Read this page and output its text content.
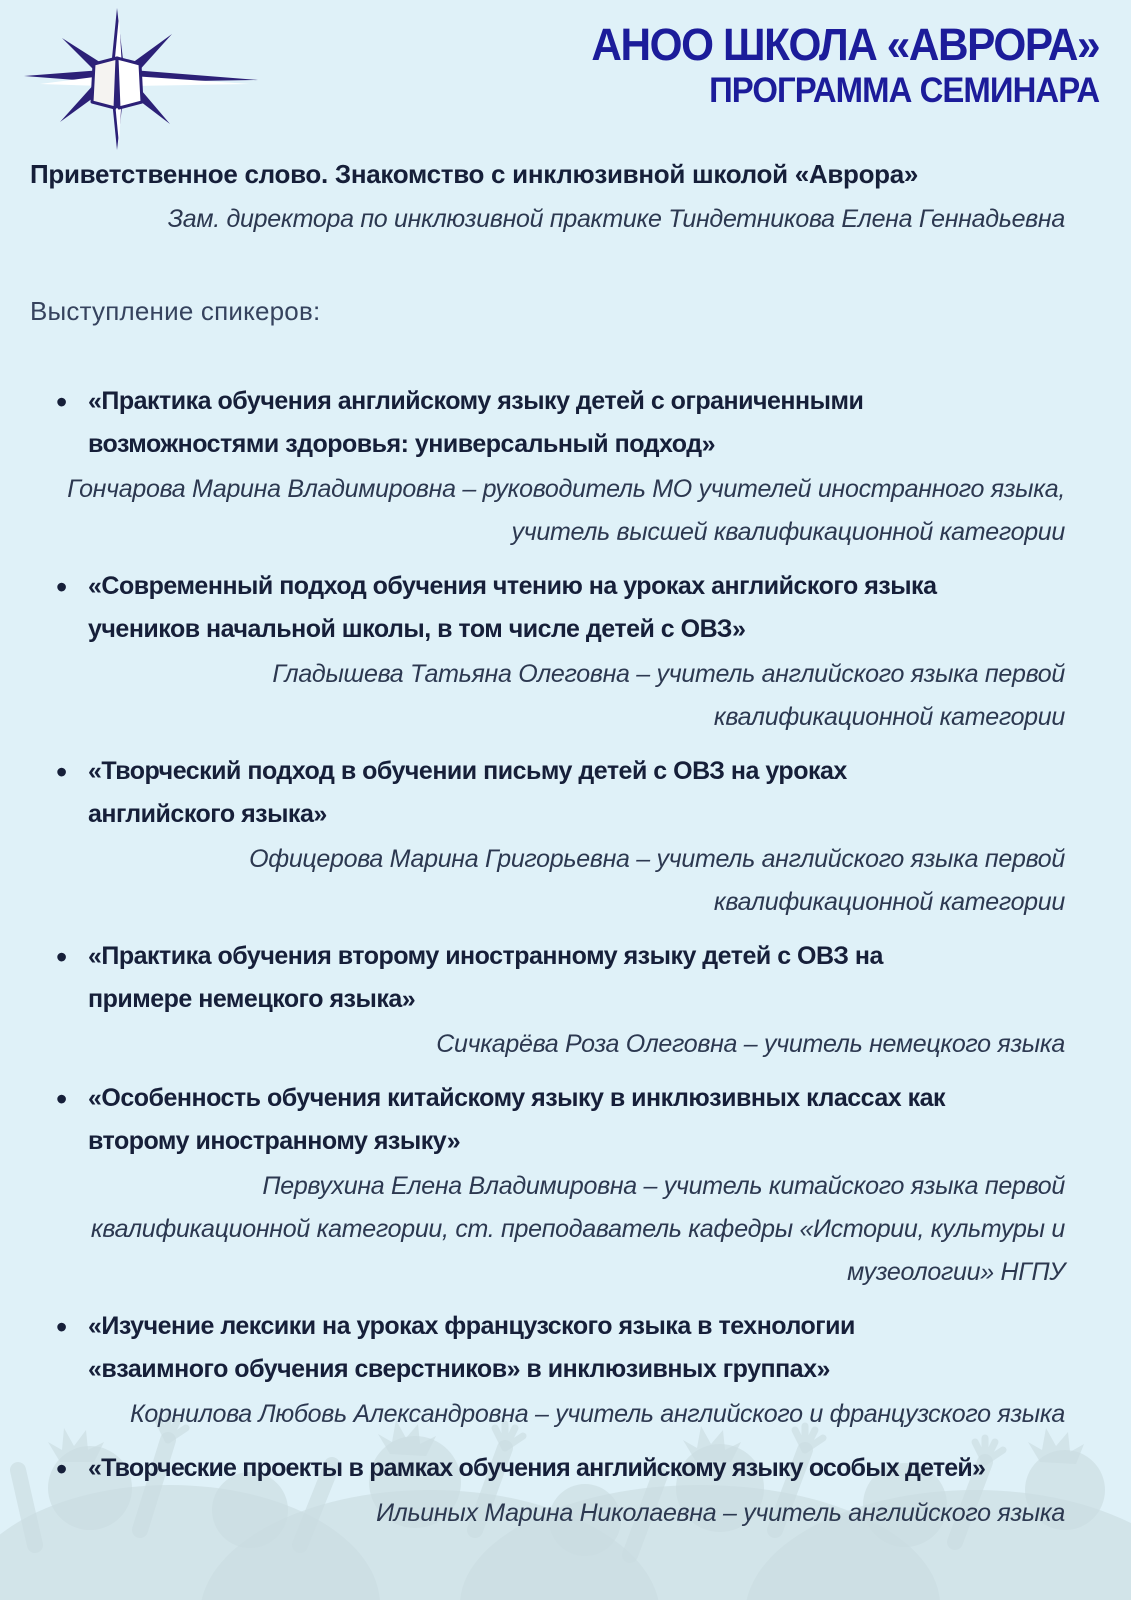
АНОО ШКОЛА «АВРОРА»
ПРОГРАММА СЕМИНАРА
Приветственное слово. Знакомство с инклюзивной школой «Аврора»

Зам. директора по инклюзивной практике Тиндетникова Елена Геннадьевна

Выступление спикеров:

• «Практика обучения английскому языку детей с ограниченными возможностями здоровья: универсальный подход»

Гончарова Марина Владимировна – руководитель МО учителей иностранного языка, учитель высшей квалификационной категории

• «Современный подход обучения чтению на уроках английского языка учеников начальной школы, в том числе детей с ОВЗ»

Гладышева Татьяна Олеговна – учитель английского языка первой квалификационной категории

• «Творческий подход в обучении письму детей с ОВЗ на уроках английского языка»

Офицерова Марина Григорьевна – учитель английского языка первой квалификационной категории

• «Практика обучения второму иностранному языку детей с ОВЗ на примере немецкого языка»

Сичкарёва Роза Олеговна – учитель немецкого языка

• «Особенность обучения китайскому языку в инклюзивных классах как второму иностранному языку»

Первухина Елена Владимировна – учитель китайского языка первой квалификационной категории, ст. преподаватель кафедры «Истории, культуры и музеологии» НГПУ

• «Изучение лексики на уроках французского языка в технологии «взаимного обучения сверстников» в инклюзивных группах»

Корнилова Любовь Александровна – учитель английского и французского языка

• «Творческие проекты в рамках обучения английскому языку особых детей»

Ильиных Марина Николаевна – учитель английского языка
